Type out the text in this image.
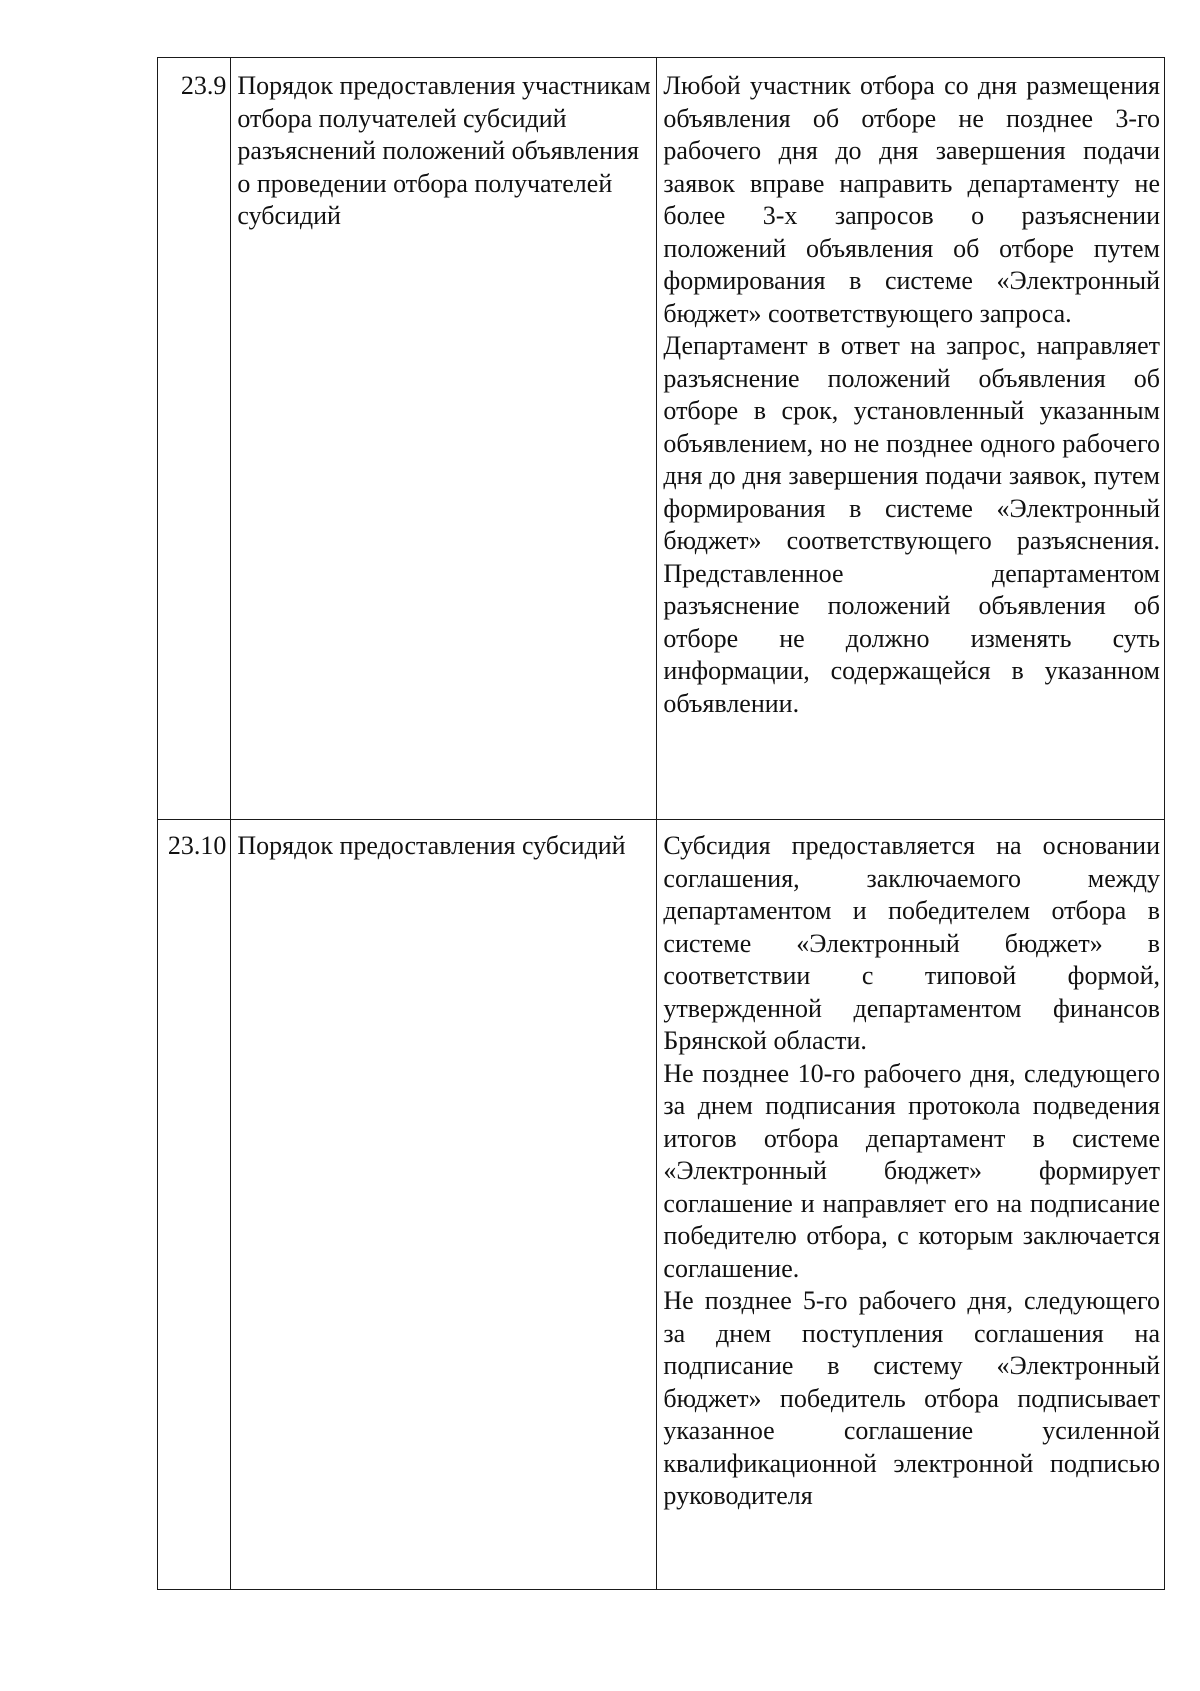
23.9	Порядок предоставления участникам отбора получателей субсидий разъяснений положений объявления о проведении отбора получателей субсидий	Любой участник отбора со дня размещения объявления об отборе не позднее 3-го рабочего дня до дня завершения подачи заявок вправе направить департаменту не более 3-х запросов о разъяснении положений объявления об отборе путем формирования в системе «Электронный бюджет» соответствующего запроса.

Департамент в ответ на запрос, направляет разъяснение положений объявления об отборе в срок, установленный указанным объявлением, но не позднее одного рабочего дня до дня завершения подачи заявок, путем формирования в системе «Электронный бюджет» соответствующего разъяснения. Представленное департаментом разъяснение положений объявления об отборе не должно изменять суть информации, содержащейся в указанном объявлении.

23.10	Порядок предоставления субсидий	Субсидия предоставляется на основании соглашения, заключаемого между департаментом и победителем отбора в системе «Электронный бюджет» в соответствии с типовой формой, утвержденной департаментом финансов Брянской области.

Не позднее 10-го рабочего дня, следующего за днем подписания протокола подведения итогов отбора департамент в системе «Электронный бюджет» формирует соглашение и направляет его на подписание победителю отбора, с которым заключается соглашение.

Не позднее 5-го рабочего дня, следующего за днем поступления соглашения на подписание в систему «Электронный бюджет» победитель отбора подписывает указанное соглашение усиленной квалификационной электронной подписью руководителя
